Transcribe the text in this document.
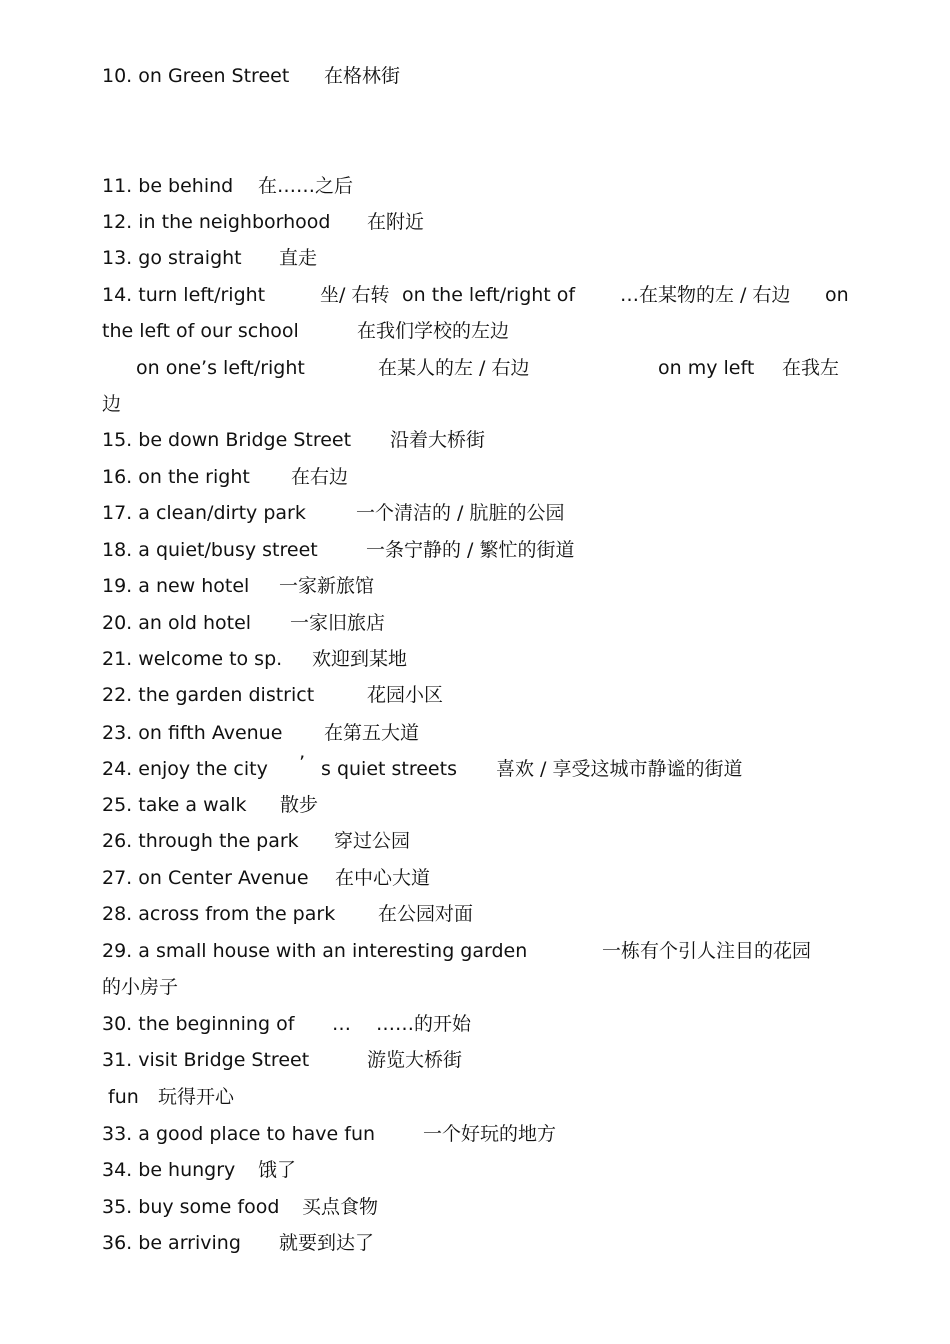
10. on Green Street 在格林街
11. be behind 在……之后
12. in the neighborhood 在附近
13. go straight 直走
14. turn left/right	坐/ 右转 on the left/right of …在某物的左 / 右边 on
the left of our school	在我们学校的左边
on one’s left/right	在某人的左 / 右边	on my left 在我左
边
15. be down Bridge Street 沿着大桥街
16. on the right 在右边
17. a clean/dirty park	一个清洁的 / 肮脏的公园
18. a quiet/busy street	一条宁静的 / 繁忙的街道
19. a new hotel 一家新旅馆
20. an old hotel 一家旧旅店
21. welcome to sp. 欢迎到某地
22. the garden district	花园小区
23. on fifth Avenue 在第五大道
24. enjoy the city ’ s quiet streets 喜欢 / 享受这城市静谧的街道
25. take a walk 散步
26. through the park 穿过公园
27. on Center Avenue 在中心大道
28. across from the park 在公园对面
29. a small house with an interesting garden	一栋有个引人注目的花园
的小房子
30. the beginning of … ……的开始
31. visit Bridge Street	游览大桥街
fun 玩得开心
33. a good place to have fun	一个好玩的地方
34. be hungry 饿了
35. buy some food 买点食物
36. be arriving 就要到达了
